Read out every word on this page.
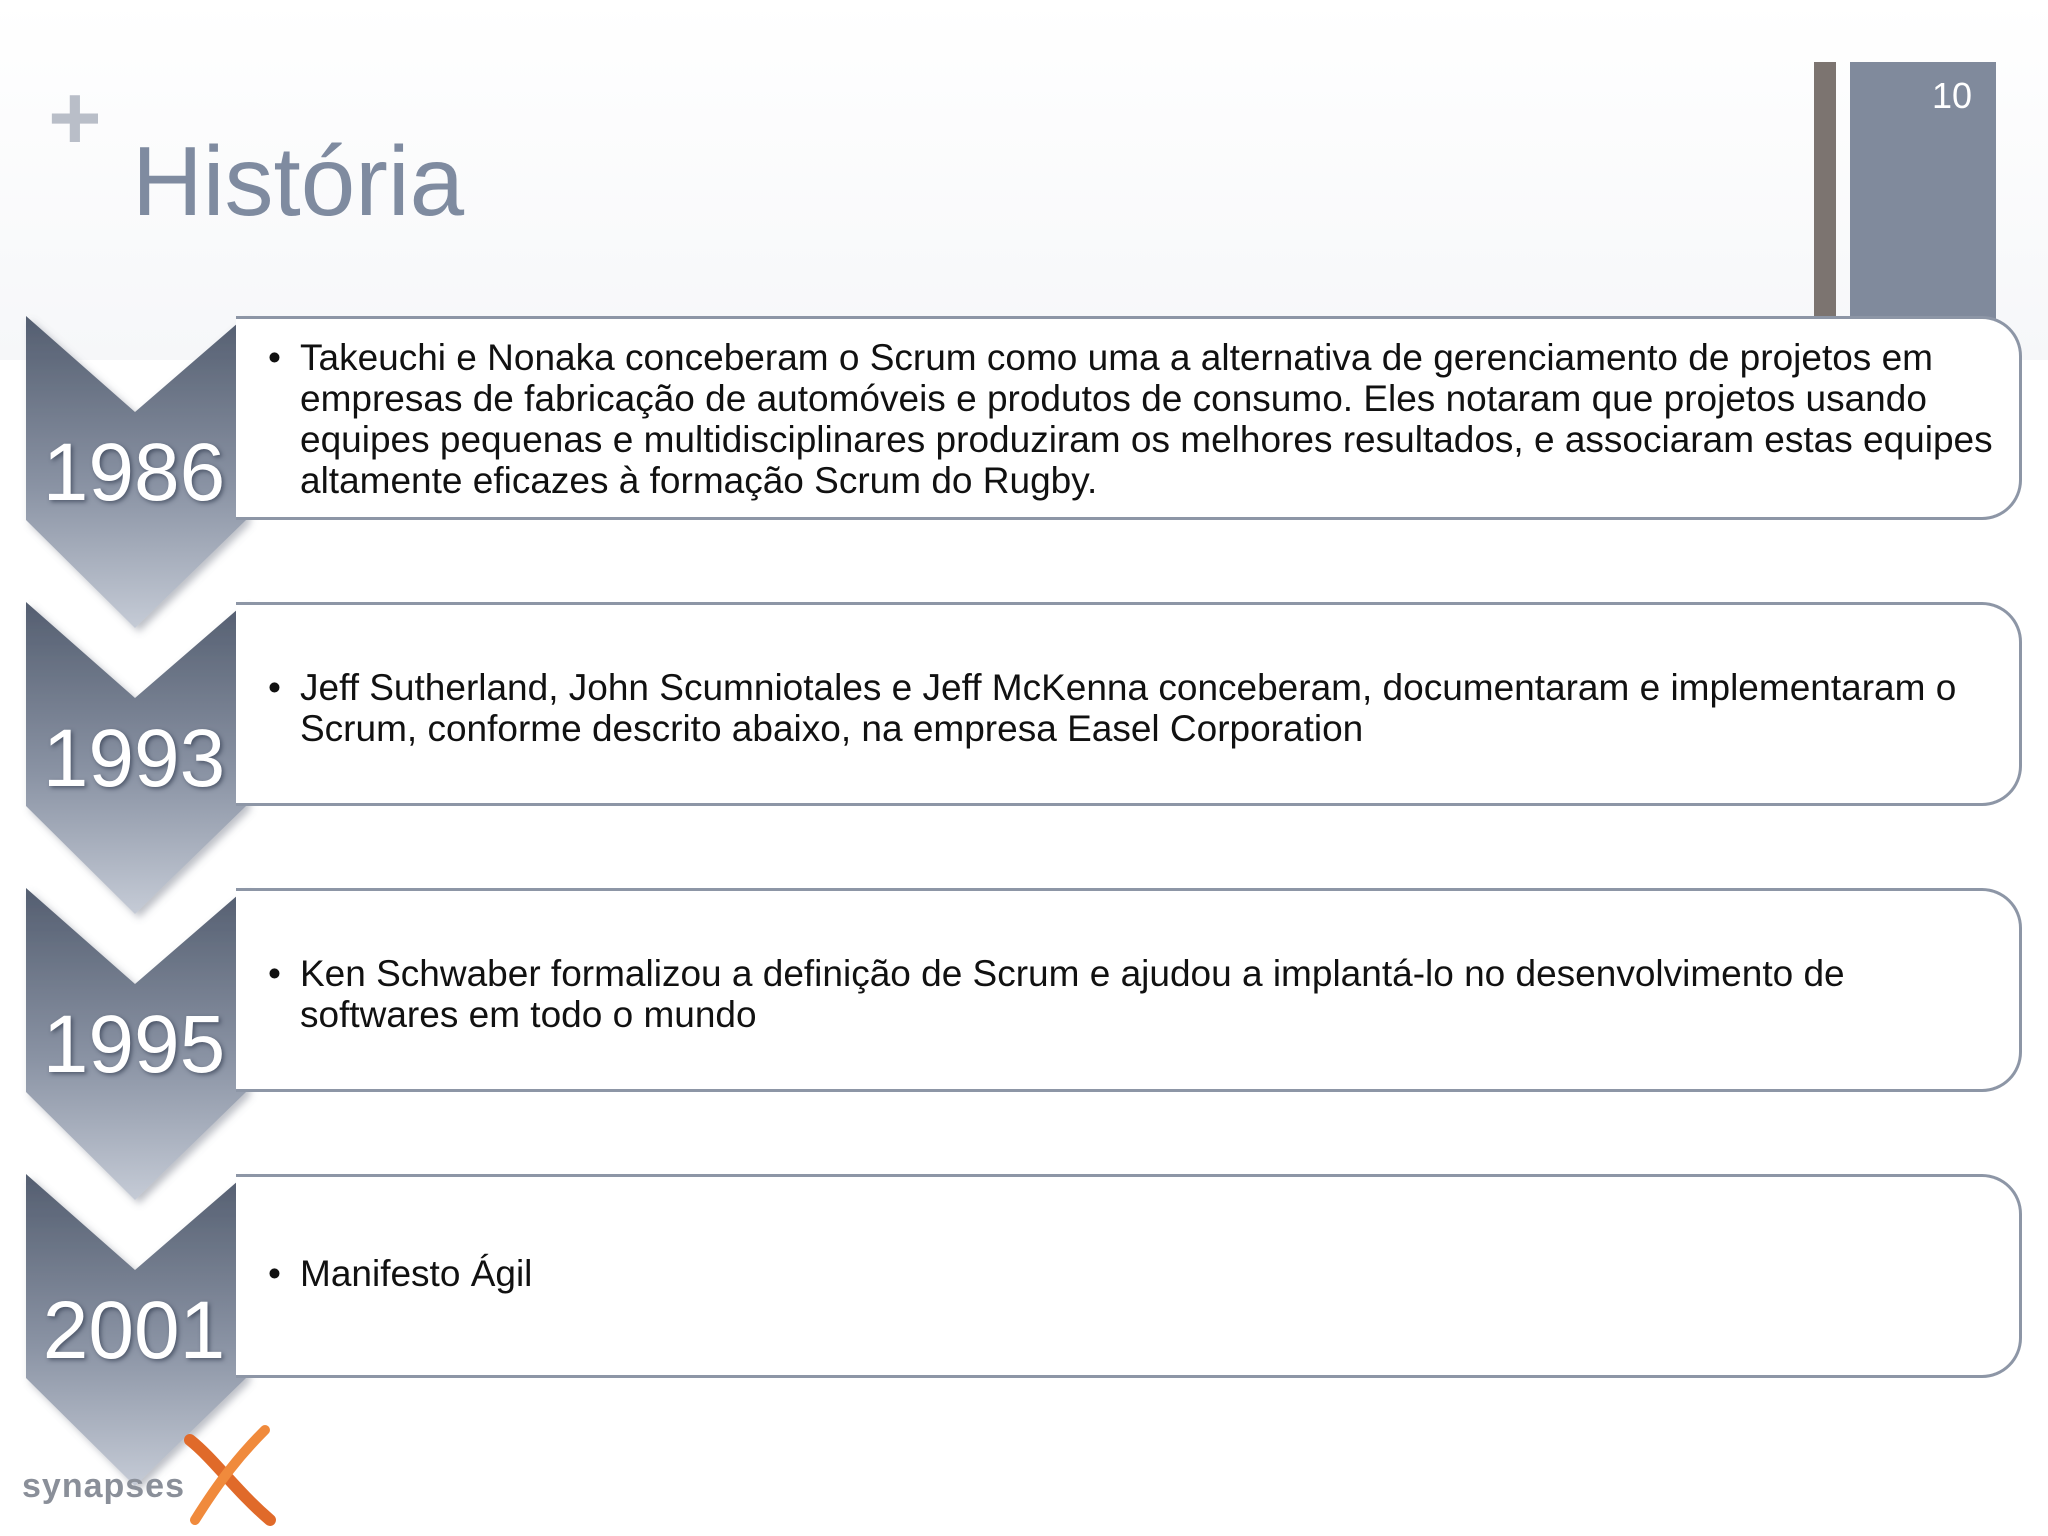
+
História
10
• Takeuchi e Nonaka conceberam o Scrum como uma a alternativa de gerenciamento de projetos em empresas de fabricação de automóveis e produtos de consumo. Eles notaram que projetos usando equipes pequenas e multidisciplinares produziram os melhores resultados, e associaram estas equipes altamente eficazes à formação Scrum do Rugby.
• Jeff Sutherland, John Scumniotales e Jeff McKenna conceberam, documentaram e implementaram o Scrum, conforme descrito abaixo, na empresa Easel Corporation
• Ken Schwaber formalizou a definição de Scrum e ajudou a implantá-lo no desenvolvimento de softwares em todo o mundo
• Manifesto Ágil
1986
1993
1995
2001
synapses
